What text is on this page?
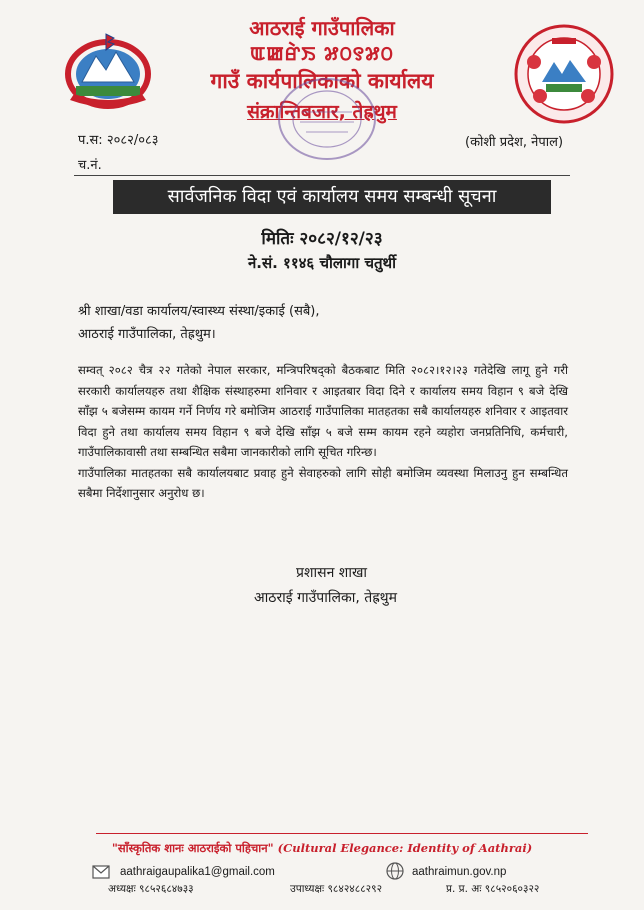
आठराई गाउँपालिका
ꯑꯀꯔꯥꯏ ꯷꯰꯱꯷꯰
गाउँ कार्यपालिकाको कार्यालय
संक्रान्तिबजार, तेह्रथुम
प.स: २०८२/०८३
च.नं.
(कोशी प्रदेश, नेपाल)
सार्वजनिक विदा एवं कार्यालय समय सम्बन्धी सूचना
मितिः २०८२/१२/२३
ने.सं. ११४६ चौलागा चतुर्थी
श्री शाखा/वडा कार्यालय/स्वास्थ्य संस्था/इकाई (सबै),
आठराई गाउँपालिका, तेह्रथुम।

सम्वत् २०८२ चैत्र २२ गतेको नेपाल सरकार, मन्त्रिपरिषद्को बैठकबाट मिति २०८२।१२।२३ गतेदेखि लागू हुने गरी सरकारी कार्यालयहरु तथा शैक्षिक संस्थाहरुमा शनिवार र आइतबार विदा दिने र कार्यालय समय विहान ९ बजे देखि साँझ ५ बजेसम्म कायम गर्ने निर्णय गरे बमोजिम आठराई गाउँपालिका मातहतका सबै कार्यालयहरु शनिवार र आइतवार विदा हुने तथा कार्यालय समय विहान ९ बजे देखि साँझ ५ बजे सम्म कायम रहने व्यहोरा जनप्रतिनिधि, कर्मचारी, गाउँपालिकावासी तथा सम्बन्धित सबैमा जानकारीको लागि सूचित गरिन्छ।

गाउँपालिका मातहतका सबै कार्यालयबाट प्रवाह हुने सेवाहरुको लागि सोही बमोजिम व्यवस्था मिलाउनु हुन सम्बन्धित सबैमा निर्देशानुसार अनुरोध छ।

प्रशासन शाखा
आठराई गाउँपालिका, तेह्रथुम
"साँस्कृतिक शानः आठराईको पहिचान" (Cultural Elegance: Identity of Aathrai)
aathraigaupalika1@gmail.com	aathraimun.gov.np
अध्यक्षः ९८५२६८४७३३	उपाध्यक्षः ९८४२४८८२९२	प्र. प्र. अः ९८५२०६०३२२
